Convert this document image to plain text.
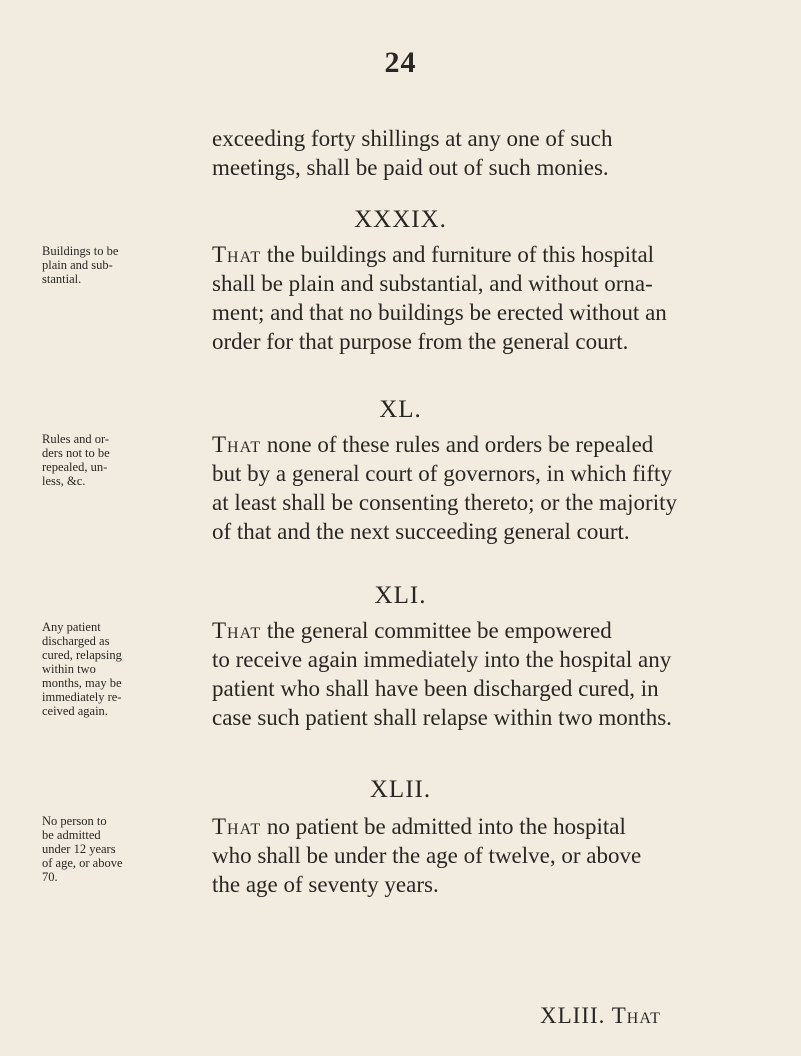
24
exceeding forty shillings at any one of such
meetings, shall be paid out of such monies.
XXXIX.
Buildings to be
plain and sub-
stantial.
That the buildings and furniture of this hospital
shall be plain and substantial, and without orna-
ment; and that no buildings be erected without an
order for that purpose from the general court.
XL.
Rules and or-
ders not to be
repealed, un-
less, &c.
That none of these rules and orders be repealed
but by a general court of governors, in which fifty
at least shall be consenting thereto; or the majority
of that and the next succeeding general court.
XLI.
Any patient
discharged as
cured, relapsing
within two
months, may be
immediately re-
ceived again.
That the general committee be empowered
to receive again immediately into the hospital any
patient who shall have been discharged cured, in
case such patient shall relapse within two months.
XLII.
No person to
be admitted
under 12 years
of age, or above
70.
That no patient be admitted into the hospital
who shall be under the age of twelve, or above
the age of seventy years.
XLIII. That
